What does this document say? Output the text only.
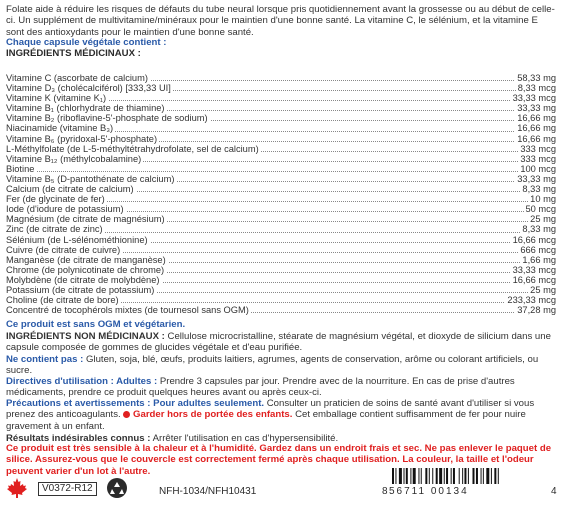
Folate aide à réduire les risques de défauts du tube neural lorsque pris quotidiennement avant la grossesse ou au début de celle-ci. Un supplément de multivitamine/minéraux pour le maintien d'une bonne santé. La vitamine C, le sélénium, et la vitamine E sont des antioxydants pour le maintien d'une bonne santé.
Chaque capsule végétale contient :
INGRÉDIENTS MÉDICINAUX :
Vitamine C (ascorbate de calcium)	58,33 mg
Vitamine D₃ (cholécalciférol) [333,33 UI]	8,33 mcg
Vitamine K (vitamine K₁)	33,33 mcg
Vitamine B₁ (chlorhydrate de thiamine)	33,33 mg
Vitamine B₂ (riboflavine-5'-phosphate de sodium)	16,66 mg
Niacinamide (vitamine B₃)	16,66 mg
Vitamine B₆ (pyridoxal-5'-phosphate)	16,66 mg
L-Méthylfolate (de L-5-méthyltétrahydrofolate, sel de calcium)	333 mcg
Vitamine B₁₂ (méthylcobalamine)	333 mcg
Biotine	100 mcg
Vitamine B₅ (D-pantothénate de calcium)	33,33 mg
Calcium (de citrate de calcium)	8,33 mg
Fer (de glycinate de fer)	10 mg
Iode (d'iodure de potassium)	50 mcg
Magnésium (de citrate de magnésium)	25 mg
Zinc (de citrate de zinc)	8,33 mg
Sélénium (de L-sélénométhionine)	16,66 mcg
Cuivre (de citrate de cuivre)	666 mcg
Manganèse (de citrate de manganèse)	1,66 mg
Chrome (de polynicotinate de chrome)	33,33 mcg
Molybdène (de citrate de molybdène)	16,66 mcg
Potassium (de citrate de potassium)	25 mg
Choline (de citrate de bore)	233,33 mcg
Concentré de tocophérols mixtes (de tournesol sans OGM)	37,28 mg
Ce produit est sans OGM et végétarien.
INGRÉDIENTS NON MÉDICINAUX : Cellulose microcristalline, stéarate de magnésium végétal, et dioxyde de silicium dans une capsule composée de gommes de glucides végétale et d'eau purifiée.
Ne contient pas : Gluten, soja, blé, œufs, produits laitiers, agrumes, agents de conservation, arôme ou colorant artificiels, ou sucre.
Directives d'utilisation : Adultes : Prendre 3 capsules par jour. Prendre avec de la nourriture. En cas de prise d'autres médicaments, prendre ce produit quelques heures avant ou après ceux-ci.
Précautions et avertissements : Pour adultes seulement. Consulter un praticien de soins de santé avant d'utiliser si vous prenez des anticoagulants. Garder hors de portée des enfants. Cet emballage contient suffisamment de fer pour nuire gravement à un enfant.
Résultats indésirables connus : Arrêter l'utilisation en cas d'hypersensibilité.
Ce produit est très sensible à la chaleur et à l'humidité. Gardez dans un endroit frais et sec. Ne pas enlever le paquet de silice. Assurez-vous que le couvercle est correctement fermé après chaque utilisation. La couleur, la taille et l'odeur peuvent varier d'un lot à l'autre.
V0372-R12	NFH-1034/NFH10431	8 56711 00134	4
